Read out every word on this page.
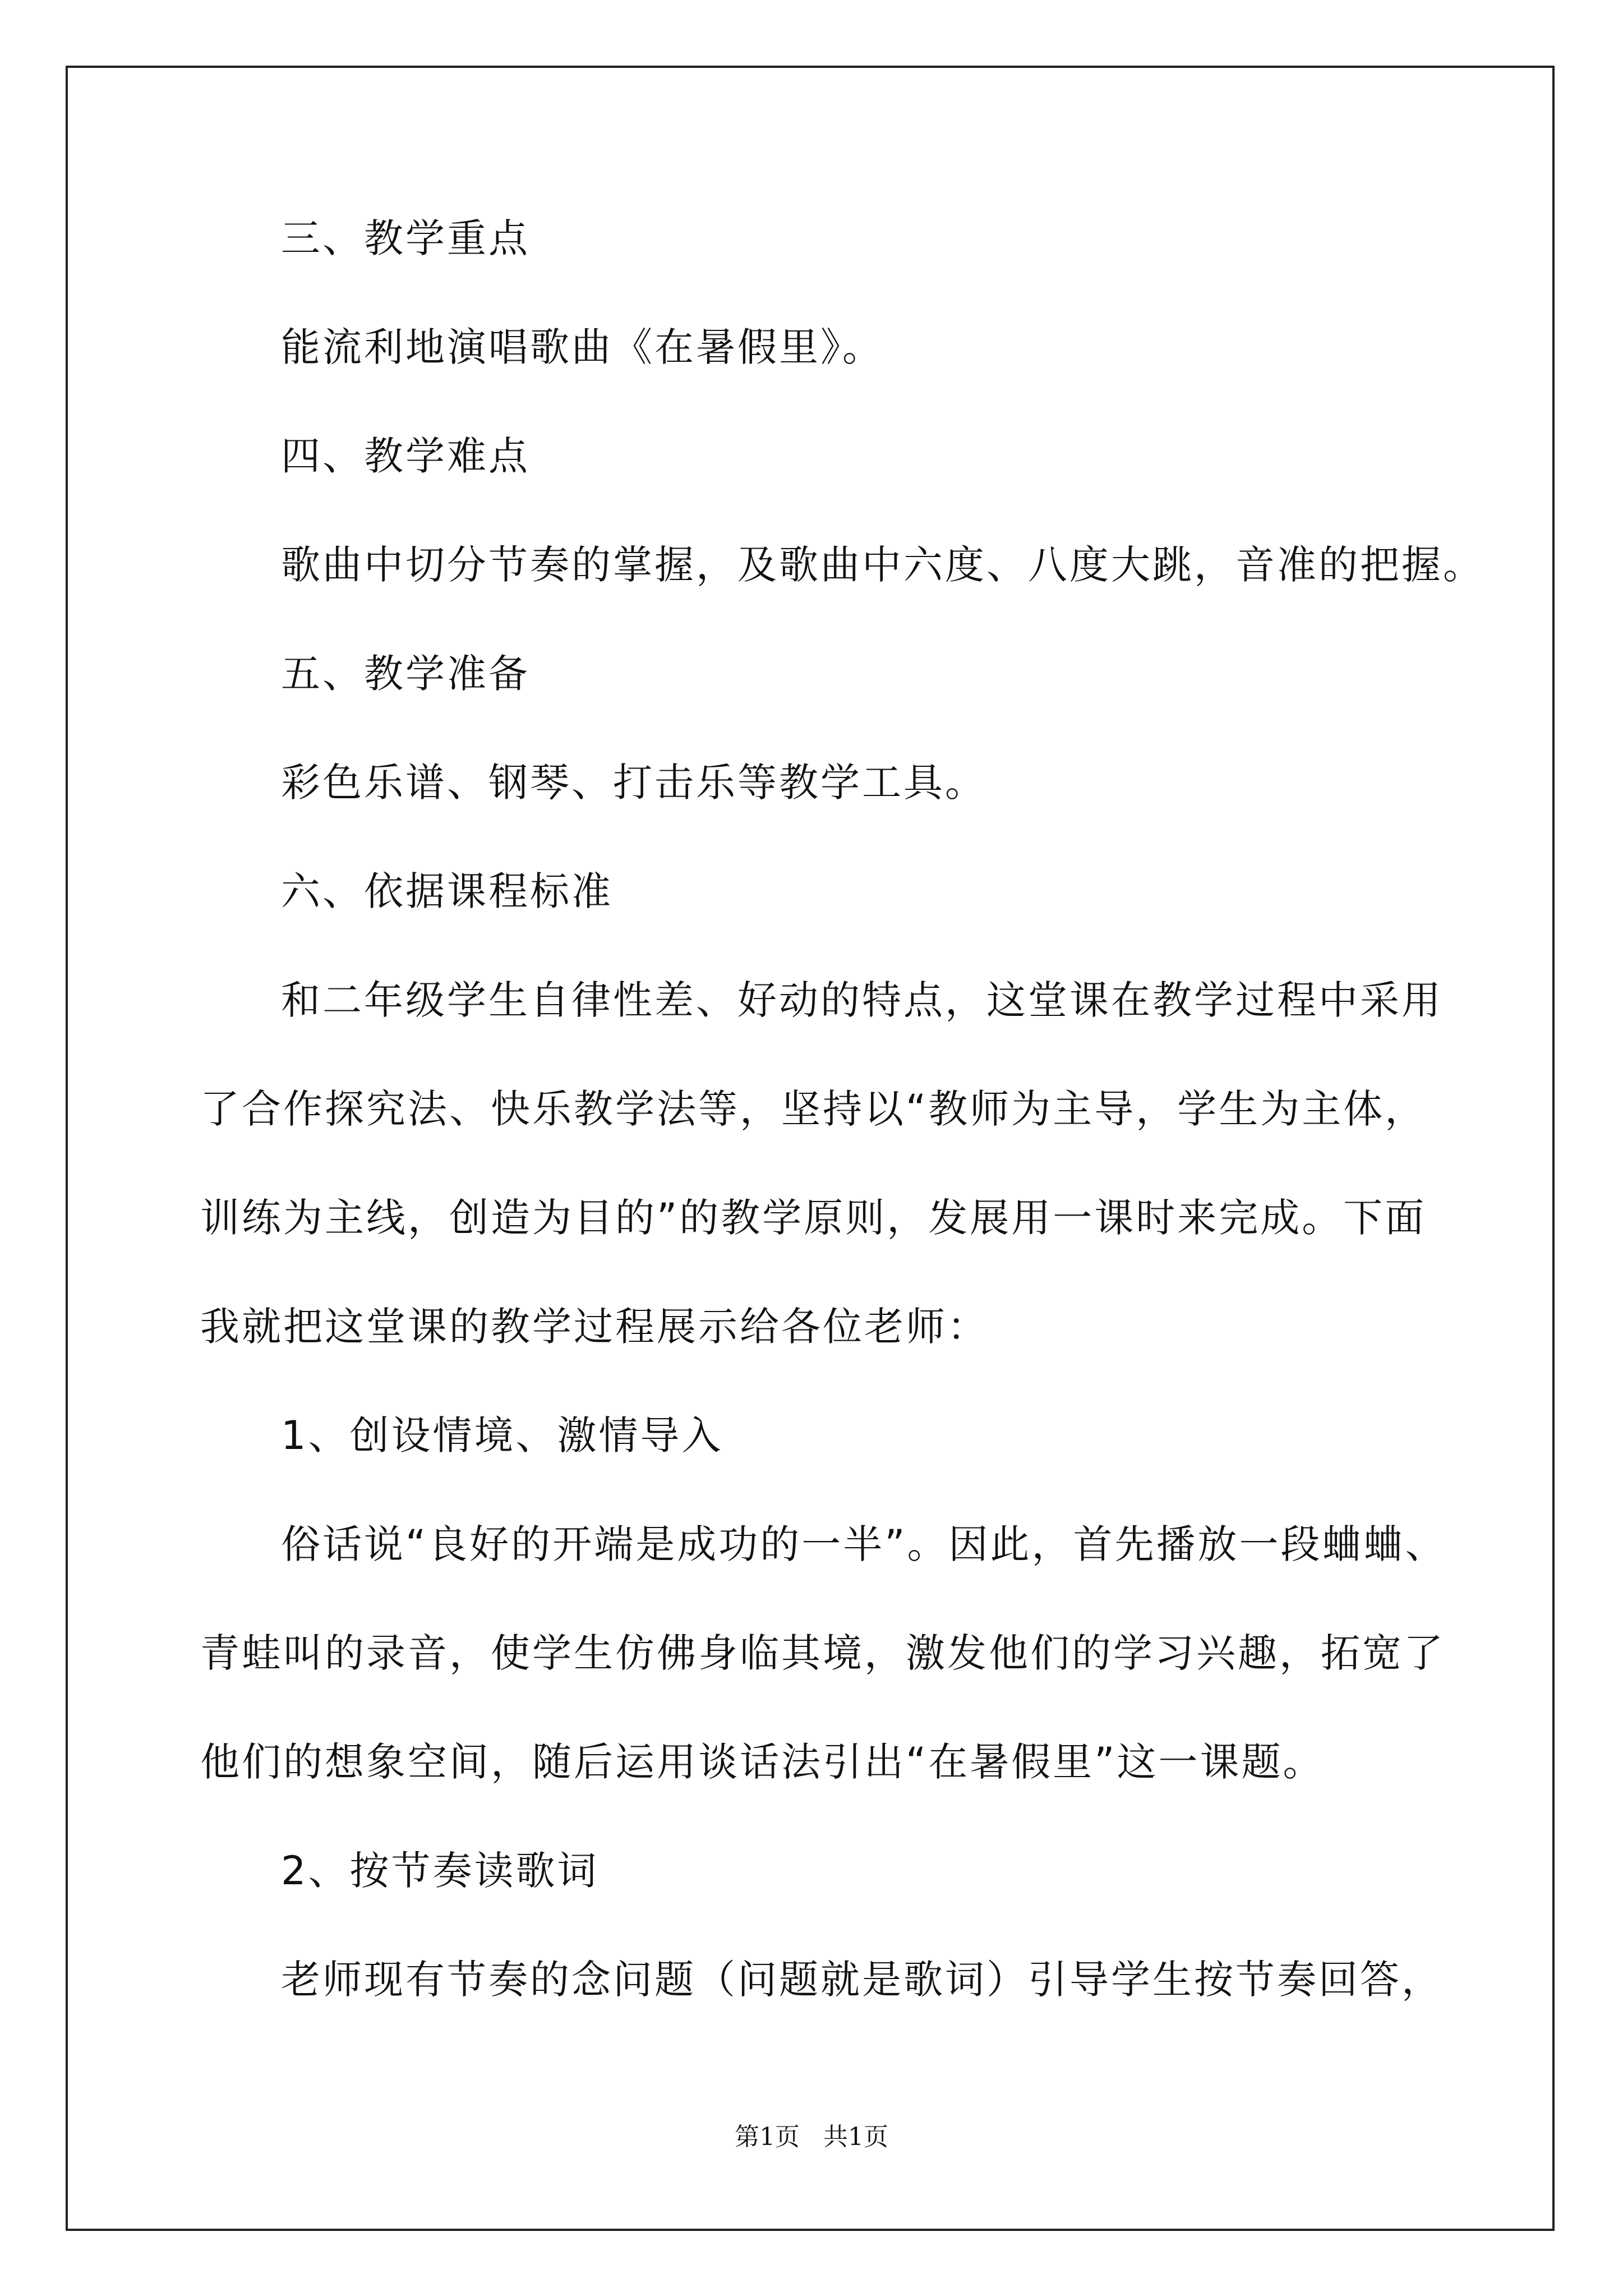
三、教学重点
能流利地演唱歌曲《在暑假里》。
四、教学难点
歌曲中切分节奏的掌握，及歌曲中六度、八度大跳，音准的把握。
五、教学准备
彩色乐谱、钢琴、打击乐等教学工具。
六、依据课程标准
和二年级学生自律性差、好动的特点，这堂课在教学过程中采用
了合作探究法、快乐教学法等，坚持以“教师为主导，学生为主体，
训练为主线，创造为目的”的教学原则，发展用一课时来完成。下面
我就把这堂课的教学过程展示给各位老师：
1、创设情境、激情导入
俗话说“良好的开端是成功的一半”。因此，首先播放一段蛐蛐、
青蛙叫的录音，使学生仿佛身临其境，激发他们的学习兴趣，拓宽了
他们的想象空间，随后运用谈话法引出“在暑假里”这一课题。
2、按节奏读歌词
老师现有节奏的念问题（问题就是歌词）引导学生按节奏回答，
第1页   共1页
